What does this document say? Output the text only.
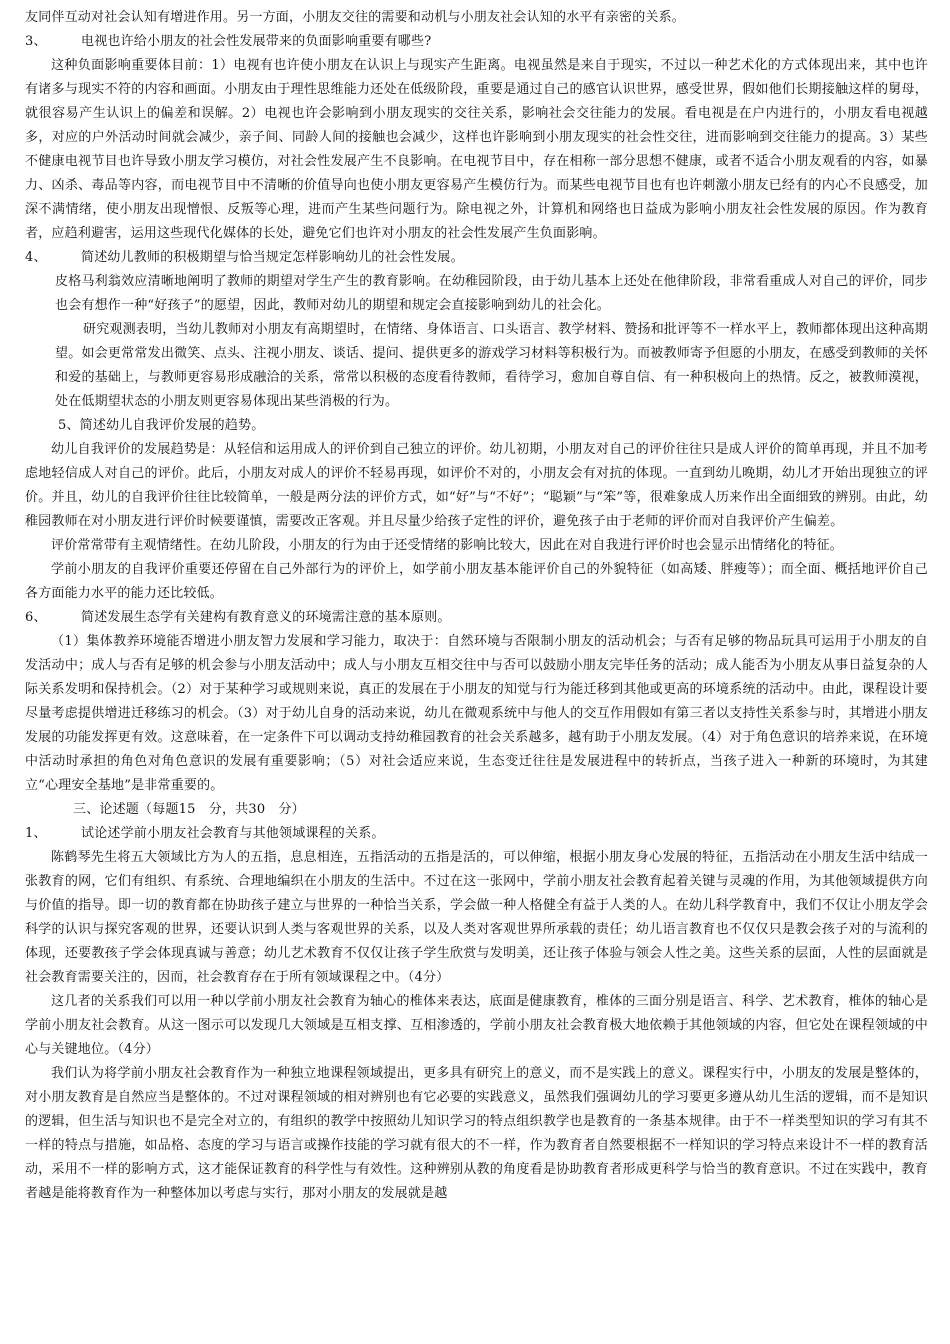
友同伴互动对社会认知有增进作用。另一方面，小朋友交往的需要和动机与小朋友社会认知的水平有亲密的关系。

3、	电视也许给小朋友的社会性发展带来的负面影响重要有哪些?

这种负面影响重要体目前：1）电视有也许使小朋友在认识上与现实产生距离。电视虽然是来自于现实，不过以一种艺术化的方式体现出来，其中也许有诸多与现实不符的内容和画面。小朋友由于理性思维能力还处在低级阶段，重要是通过自己的感官认识世界，感受世界，假如他们长期接触这样的舅母，就很容易产生认识上的偏差和误解。2）电视也许会影响到小朋友现实的交往关系，影响社会交往能力的发展。看电视是在户内进行的，小朋友看电视越多，对应的户外活动时间就会减少，亲子间、同龄人间的接触也会减少，这样也许影响到小朋友现实的社会性交往，进而影响到交往能力的提高。3）某些不健康电视节目也许导致小朋友学习模仿，对社会性发展产生不良影响。在电视节目中，存在相称一部分思想不健康，或者不适合小朋友观看的内容，如暴力、凶杀、毒品等内容，而电视节目中不清晰的价值导向也使小朋友更容易产生模仿行为。而某些电视节目也有也许刺激小朋友已经有的内心不良感受，加深不满情绪，使小朋友出现憎恨、反叛等心理，进而产生某些问题行为。除电视之外，计算机和网络也日益成为影响小朋友社会性发展的原因。作为教育者，应趋利避害，运用这些现代化媒体的长处，避免它们也许对小朋友的社会性发展产生负面影响。

4、	简述幼儿教师的积极期望与恰当规定怎样影响幼儿的社会性发展。

皮格马利翁效应清晰地阐明了教师的期望对学生产生的教育影响。在幼稚园阶段，由于幼儿基本上还处在他律阶段，非常看重成人对自己的评价，同步也会有想作一种“好孩子”的愿望，因此，教师对幼儿的期望和规定会直接影响到幼儿的社会化。

研究观测表明，当幼儿教师对小朋友有高期望时，在情绪、身体语言、口头语言、教学材料、赞扬和批评等不一样水平上，教师都体现出这种高期望。如会更常常发出微笑、点头、注视小朋友、谈话、提问、提供更多的游戏学习材料等积极行为。而被教师寄予但愿的小朋友，在感受到教师的关怀和爱的基础上，与教师更容易形成融洽的关系，常常以积极的态度看待教师，看待学习，愈加自尊自信、有一种积极向上的热情。反之，被教师漠视，处在低期望状态的小朋友则更容易体现出某些消极的行为。

5、简述幼儿自我评价发展的趋势。

幼儿自我评价的发展趋势是：从轻信和运用成人的评价到自己独立的评价。幼儿初期，小朋友对自己的评价往往只是成人评价的简单再现，并且不加考虑地轻信成人对自己的评价。此后，小朋友对成人的评价不轻易再现，如评价不对的，小朋友会有对抗的体现。一直到幼儿晚期，幼儿才开始出现独立的评价。并且，幼儿的自我评价往往比较简单，一般是两分法的评价方式，如“好”与“不好”；“聪颖”与“笨”等，很难象成人历来作出全面细致的辨别。由此，幼稚园教师在对小朋友进行评价时候要谨慎，需要改正客观。并且尽量少给孩子定性的评价，避免孩子由于老师的评价而对自我评价产生偏差。

评价常常带有主观情绪性。在幼儿阶段，小朋友的行为由于还受情绪的影响比较大，因此在对自我进行评价时也会显示出情绪化的特征。

学前小朋友的自我评价重要还停留在自己外部行为的评价上，如学前小朋友基本能评价自己的外貌特征（如高矮、胖瘦等）；而全面、概括地评价自己各方面能力水平的能力还比较低。

6、	简述发展生态学有关建构有教育意义的环境需注意的基本原则。

（1）集体教养环境能否增进小朋友智力发展和学习能力，取决于：自然环境与否限制小朋友的活动机会；与否有足够的物品玩具可运用于小朋友的自发活动中；成人与否有足够的机会参与小朋友活动中；成人与小朋友互相交往中与否可以鼓励小朋友完毕任务的活动；成人能否为小朋友从事日益复杂的人际关系发明和保持机会。（2）对于某种学习或规则来说，真正的发展在于小朋友的知觉与行为能迁移到其他或更高的环境系统的活动中。由此，课程设计要尽量考虑提供增进迁移练习的机会。（3）对于幼儿自身的活动来说，幼儿在微观系统中与他人的交互作用假如有第三者以支持性关系参与时，其增进小朋友发展的功能发挥更有效。这意味着，在一定条件下可以调动支持幼稚园教育的社会关系越多，越有助于小朋友发展。（4）对于角色意识的培养来说，在环境中活动时承担的角色对角色意识的发展有重要影响；（5）对社会适应来说，生态变迁往往是发展进程中的转折点，当孩子进入一种新的环境时，为其建立“心理安全基地”是非常重要的。

三、论述题（每题15　分，共30　分）
1、	试论述学前小朋友社会教育与其他领域课程的关系。

陈鹤琴先生将五大领域比方为人的五指，息息相连，五指活动的五指是活的，可以伸缩，根据小朋友身心发展的特征，五指活动在小朋友生活中结成一张教育的网，它们有组织、有系统、合理地编织在小朋友的生活中。不过在这一张网中，学前小朋友社会教育起着关键与灵魂的作用，为其他领域提供方向与价值的指导。即一切的教育都在协助孩子建立与世界的一种恰当关系，学会做一种人格健全有益于人类的人。在幼儿科学教育中，我们不仅让小朋友学会科学的认识与探究客观的世界，还要认识到人类与客观世界的关系，以及人类对客观世界所承载的责任；幼儿语言教育也不仅仅只是教会孩子对的与流利的体现，还要教孩子学会体现真诚与善意；幼儿艺术教育不仅仅让孩子学生欣赏与发明美，还让孩子体验与领会人性之美。这些关系的层面，人性的层面就是社会教育需要关注的，因而，社会教育存在于所有领域课程之中。（4分）

这几者的关系我们可以用一种以学前小朋友社会教育为轴心的椎体来表达，底面是健康教育，椎体的三面分别是语言、科学、艺术教育，椎体的轴心是学前小朋友社会教育。从这一图示可以发现几大领域是互相支撑、互相渗透的，学前小朋友社会教育极大地依赖于其他领域的内容，但它处在课程领域的中心与关键地位。（4分）

我们认为将学前小朋友社会教育作为一种独立地课程领域提出，更多具有研究上的意义，而不是实践上的意义。课程实行中，小朋友的发展是整体的，对小朋友教育是自然应当是整体的。不过对课程领域的相对辨别也有它必要的实践意义，虽然我们强调幼儿的学习要更多遵从幼儿生活的逻辑，而不是知识的逻辑，但生活与知识也不是完全对立的，有组织的教学中按照幼儿知识学习的特点组织教学也是教育的一条基本规律。由于不一样类型知识的学习有其不一样的特点与措施，如品格、态度的学习与语言或操作技能的学习就有很大的不一样，作为教育者自然要根据不一样知识的学习特点来设计不一样的教育活动，采用不一样的影响方式，这才能保证教育的科学性与有效性。这种辨别从教的角度看是协助教育者形成更科学与恰当的教育意识。不过在实践中，教育者越是能将教育作为一种整体加以考虑与实行，那对小朋友的发展就是越
